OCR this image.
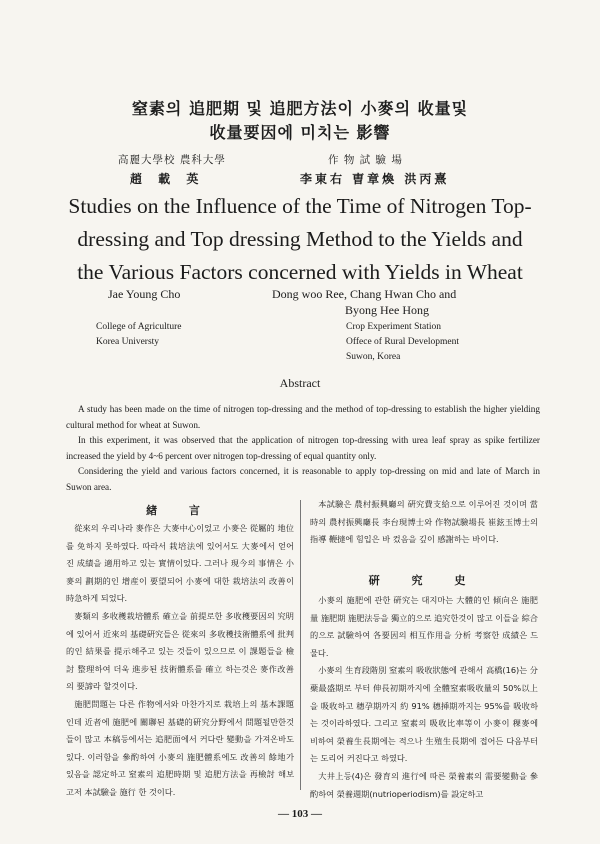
窒素의 追肥期 및 追肥方法이 小麥의 收量및
收量要因에 미치는 影響
高麗大學校 農科大學	作 物 試 驗 場
趙 載 英	李東右 曺章煥 洪丙熹
Studies on the Influence of the Time of Nitrogen Top-
dressing and Top dressing Method to the Yields and
the Various Factors concerned with Yields in Wheat
Jae Young Cho	Dong woo Ree, Chang Hwan Cho and
Byong Hee Hong
College of Agriculture
Korea Universty
Crop Experiment Station
Offece of Rural Development
Suwon, Korea
Abstract
A study has been made on the time of nitrogen top-dressing and the method of top-dressing to establish the higher yielding cultural method for wheat at Suwon.
In this experiment, it was observed that the application of nitrogen top-dressing with urea leaf spray as spike fertilizer increased the yield by 4~6 percent over nitrogen top-dressing of equal quantity only.
Considering the yield and various factors concerned, it is reasonable to apply top-dressing on mid and late of March in Suwon area.
緖 言

從來의 우리나라 麥作은 大麥中心이었고 小麥은 從屬的 地位를 免하지 못하였다. 따라서 栽培法에 있어서도 大麥에서 얻어진 成績을 適用하고 있는 實情이었다. 그러나 現今의 事情은 小麥의 劃期的인 增産이 要望되어 小麥에 대한 栽培法의 改善이 時急하게 되었다.

麥類의 多收穫栽培體系 確立을 前提로한 多收穫要因의 究明에 있어서 近來의 基礎硏究들은 從來의 多收穫技術體系에 批判的인 結果를 提示해주고 있는 것들이 있으므로 이 課題들을 檢討 整理하여 더욱 進步된 技術體系를 確立 하는것은 麥作改善의 要諦라 할것이다.

施肥問題는 다른 作物에서와 마찬가지로 栽培上의 基本課題인데 近者에 施肥에 關聯된 基礎的硏究分野에서 問題될만한것들이 많고 本稿등에서는 追肥面에서 커다란 變動을 가져온바도 있다. 이러함을 參酌하여 小麥의 施肥體系에도 改善의 餘地가 있음을 認定하고 窒素의 追肥時期 및 追肥方法을 再檢討 해보고저 本試驗을 施行 한 것이다.

本試驗은 農村振興廳의 硏究費支給으로 이루어진 것이며 當時의 農村振興廳長 李台現博士와 作物試驗場長 崔鉉玉博士의 指導 鞭撻에 힘입은 바 컸음을 깊이 感謝하는 바이다.

硏 究 史

小麥의 施肥에 관한 硏究는 대지마는 大體的인 傾向은 施肥量 施肥期 施肥法등을 獨立的으로 追究한것이 많고 이들을 綜合的으로 試驗하여 各要因의 相互作用을 分析 考察한 成績은 드물다.

小麥의 生育段階別 窒素의 吸收狀態에 관해서 高橋(16)는 分蘗最盛期로 부터 伸長初期까지에 全體窒素吸收量의 50%以上을 吸收하고 穗孕期까지 約 91% 穗揷期까지는 95%를 吸收하는 것이라하였다. 그리고 窒素의 吸收比率等이 小麥이 稞麥에 비하여 榮養生長期에는 적으나 生殖生長期에 접어든 다음부터는 도리어 커진다고 하였다.

大井上등(4)은 發育의 進行에 따른 榮養素의 需要變動을 參酌하여 榮養週期(nutrioperiodism)를 設定하고

— 103 —
